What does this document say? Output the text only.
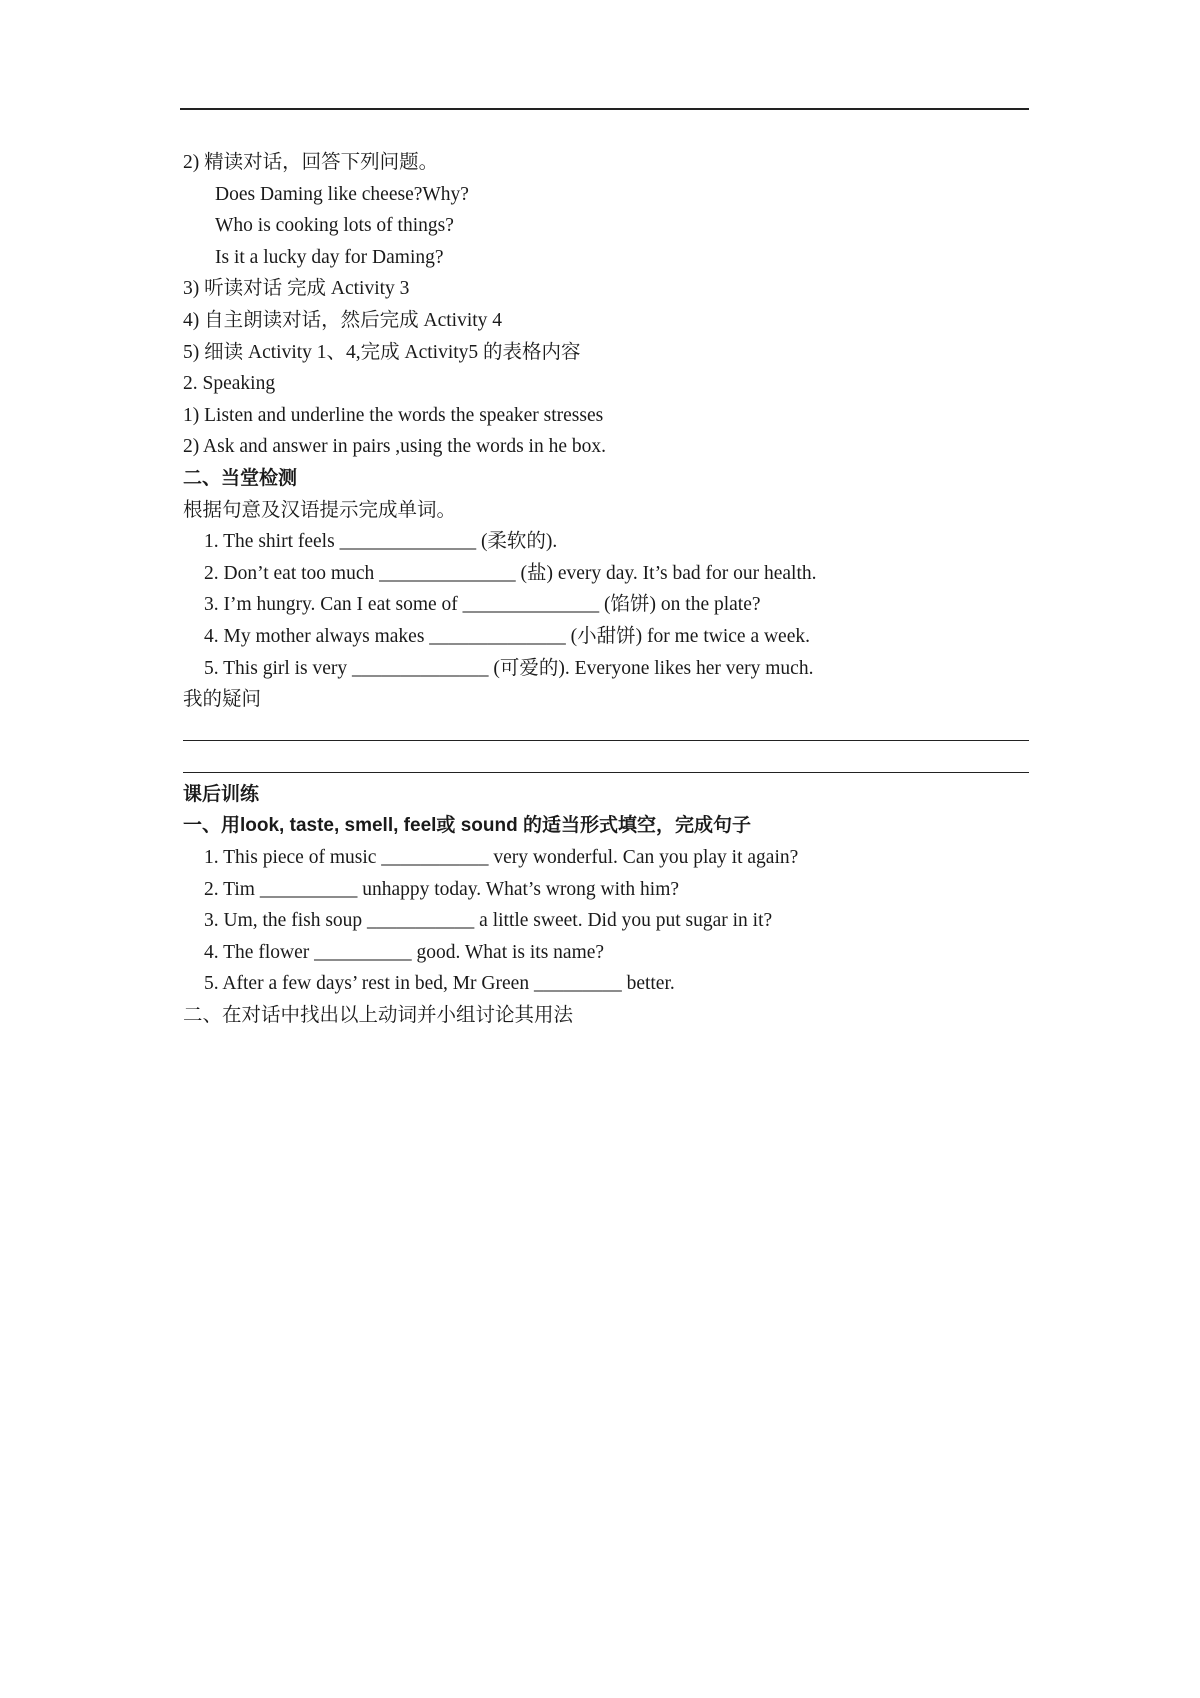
2) 精读对话，回答下列问题。
Does Daming like cheese?Why?
Who is cooking lots of things?
Is it a lucky day for Daming?
3) 听读对话 完成 Activity 3
4) 自主朗读对话，然后完成 Activity 4
5) 细读 Activity 1、4,完成 Activity5 的表格内容
2. Speaking
1) Listen and underline the words the speaker stresses
2) Ask and answer in pairs ,using the words in he box.
二、当堂检测
根据句意及汉语提示完成单词。
1. The shirt feels ______________ (柔软的).
2. Don’t eat too much ______________ (盐) every day. It’s bad for our health.
3. I’m hungry. Can I eat some of ______________ (馅饼) on the plate?
4. My mother always makes ______________ (小甜饼) for me twice a week.
5. This girl is very ______________ (可爱的). Everyone likes her very much.
我的疑问
课后训练
一、用look, taste, smell, feel或 sound 的适当形式填空，完成句子
1. This piece of music ___________ very wonderful. Can you play it again?
2. Tim __________ unhappy today. What’s wrong with him?
3. Um, the fish soup ___________ a little sweet. Did you put sugar in it?
4. The flower __________ good. What is its name?
5. After a few days’ rest in bed, Mr Green _________ better.
二、在对话中找出以上动词并小组讨论其用法
